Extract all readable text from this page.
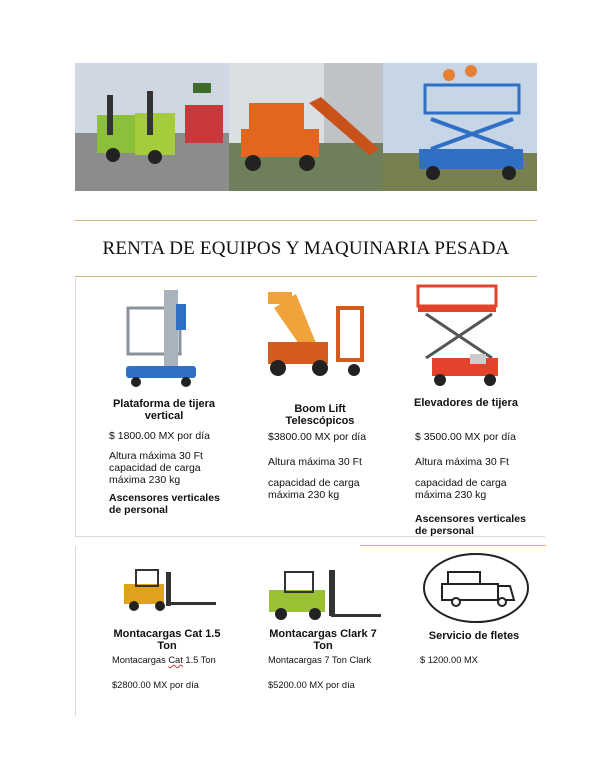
RENTA DE EQUIPOS Y MAQUINARIA PESADA
Plataforma de tijera vertical
$ 1800.00 MX por día
Altura máxima 30 Ft capacidad de carga máxima 230 kg
Ascensores verticales de personal
Boom Lift Telescópicos
$3800.00 MX por día
Altura máxima 30 Ft
capacidad de carga máxima 230 kg
Elevadores de tijera
$ 3500.00 MX por día
Altura máxima 30 Ft
capacidad de carga máxima 230 kg
Ascensores verticales de personal
Montacargas Cat 1.5 Ton
Montacargas Cat 1.5 Ton
$2800.00 MX por día
Montacargas Clark 7 Ton
Montacargas 7 Ton Clark
$5200.00 MX por día
Servicio de fletes
$ 1200.00 MX
